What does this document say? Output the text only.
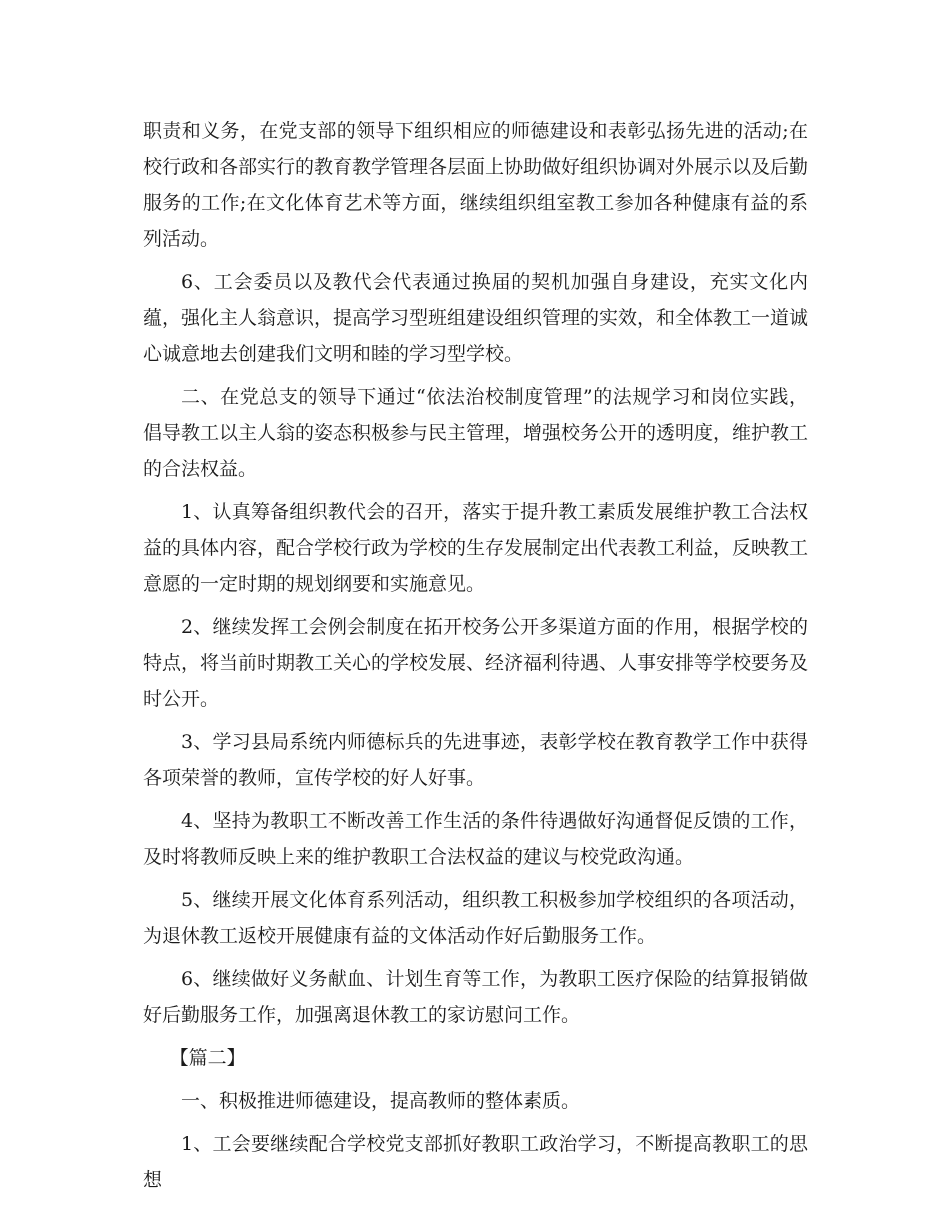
职责和义务，在党支部的领导下组织相应的师德建设和表彰弘扬先进的活动;在校行政和各部实行的教育教学管理各层面上协助做好组织协调对外展示以及后勤服务的工作;在文化体育艺术等方面，继续组织组室教工参加各种健康有益的系列活动。

6、工会委员以及教代会代表通过换届的契机加强自身建设，充实文化内蕴，强化主人翁意识，提高学习型班组建设组织管理的实效，和全体教工一道诚心诚意地去创建我们文明和睦的学习型学校。

二、在党总支的领导下通过“依法治校制度管理”的法规学习和岗位实践，倡导教工以主人翁的姿态积极参与民主管理，增强校务公开的透明度，维护教工的合法权益。

1、认真筹备组织教代会的召开，落实于提升教工素质发展维护教工合法权益的具体内容，配合学校行政为学校的生存发展制定出代表教工利益，反映教工意愿的一定时期的规划纲要和实施意见。

2、继续发挥工会例会制度在拓开校务公开多渠道方面的作用，根据学校的特点，将当前时期教工关心的学校发展、经济福利待遇、人事安排等学校要务及时公开。

3、学习县局系统内师德标兵的先进事迹，表彰学校在教育教学工作中获得各项荣誉的教师，宣传学校的好人好事。

4、坚持为教职工不断改善工作生活的条件待遇做好沟通督促反馈的工作，及时将教师反映上来的维护教职工合法权益的建议与校党政沟通。

5、继续开展文化体育系列活动，组织教工积极参加学校组织的各项活动，为退休教工返校开展健康有益的文体活动作好后勤服务工作。

6、继续做好义务献血、计划生育等工作，为教职工医疗保险的结算报销做好后勤服务工作，加强离退休教工的家访慰问工作。

【篇二】

一、积极推进师德建设，提高教师的整体素质。

1、工会要继续配合学校党支部抓好教职工政治学习，不断提高教职工的思想
